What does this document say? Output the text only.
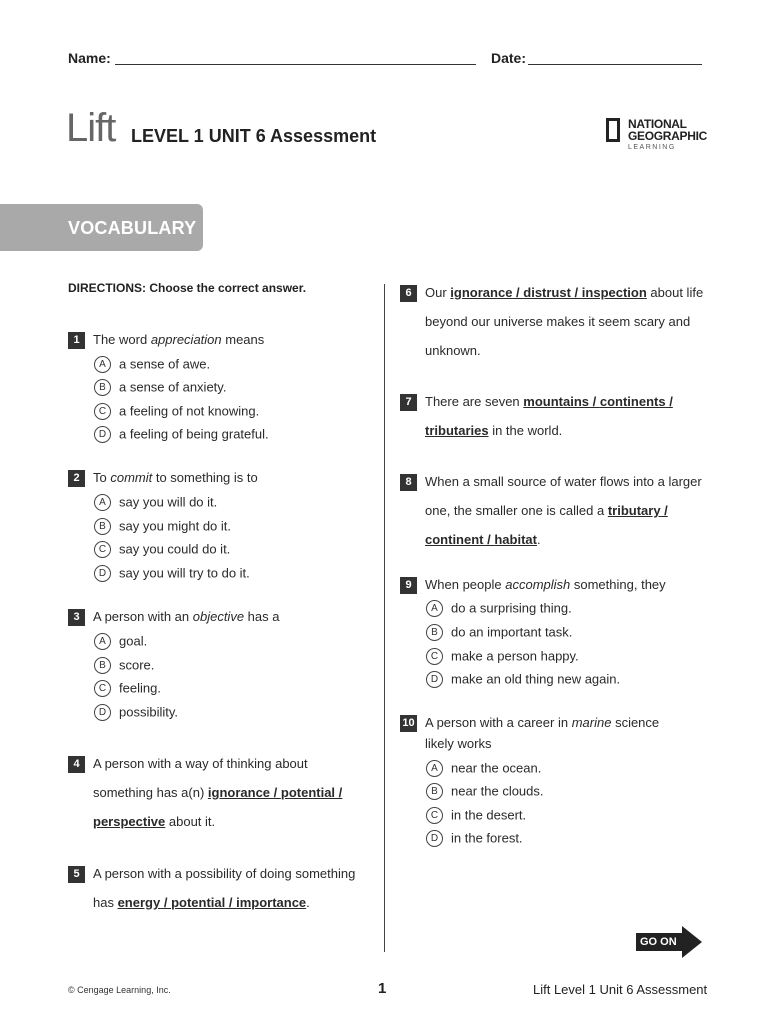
Name:	Date:
Lift LEVEL 1 UNIT 6 Assessment
NATIONAL
GEOGRAPHIC
LEARNING
VOCABULARY
DIRECTIONS: Choose the correct answer.
1	The word appreciation means
A a sense of awe.
B a sense of anxiety.
C a feeling of not knowing.
D a feeling of being grateful.
2	To commit to something is to
A say you will do it.
B say you might do it.
C say you could do it.
D say you will try to do it.
3	A person with an objective has a
A goal.
B score.
C feeling.
D possibility.
4	A person with a way of thinking about
something has a(n) ignorance / potential /
perspective about it.
5	A person with a possibility of doing something
has energy / potential / importance.
6	Our ignorance / distrust / inspection about life
beyond our universe makes it seem scary and
unknown.
7	There are seven mountains / continents /
tributaries in the world.
8	When a small source of water flows into a larger
one, the smaller one is called a tributary /
continent / habitat.
9	When people accomplish something, they
A do a surprising thing.
B do an important task.
C make a person happy.
D make an old thing new again.
10 A person with a career in marine science
likely works
A near the ocean.
B near the clouds.
C in the desert.
D in the forest.
GO ON
© Cengage Learning, Inc.	1	Lift Level 1 Unit 6 Assessment
